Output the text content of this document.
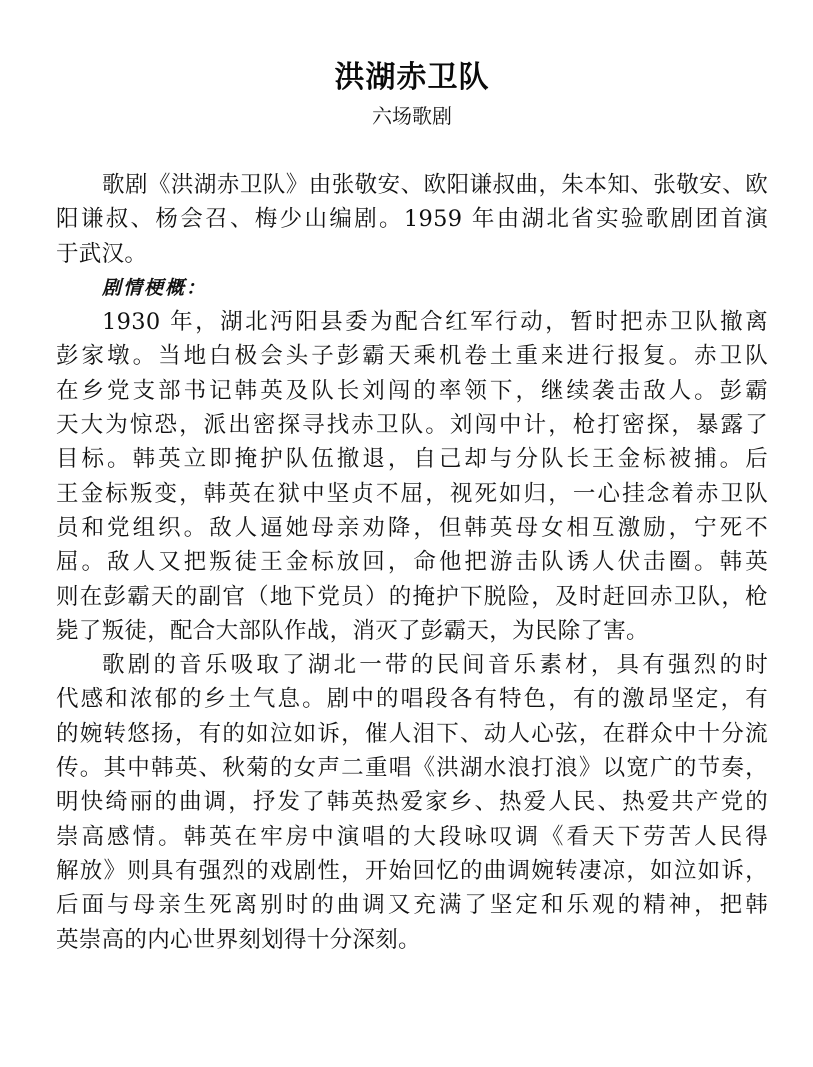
洪湖赤卫队
六场歌剧
歌剧《洪湖赤卫队》由张敬安、欧阳谦叔曲，朱本知、张敬安、欧
阳谦叔、杨会召、梅少山编剧。1959 年由湖北省实验歌剧团首演
于武汉。
剧情梗概：
1930 年，湖北沔阳县委为配合红军行动，暂时把赤卫队撤离
彭家墩。当地白极会头子彭霸天乘机卷土重来进行报复。赤卫队
在乡党支部书记韩英及队长刘闯的率领下，继续袭击敌人。彭霸
天大为惊恐，派出密探寻找赤卫队。刘闯中计，枪打密探，暴露了
目标。韩英立即掩护队伍撤退，自己却与分队长王金标被捕。后
王金标叛变，韩英在狱中坚贞不屈，视死如归，一心挂念着赤卫队
员和党组织。敌人逼她母亲劝降，但韩英母女相互激励，宁死不
屈。敌人又把叛徒王金标放回，命他把游击队诱人伏击圈。韩英
则在彭霸天的副官（地下党员）的掩护下脱险，及时赶回赤卫队，枪
毙了叛徒，配合大部队作战，消灭了彭霸天，为民除了害。
歌剧的音乐吸取了湖北一带的民间音乐素材，具有强烈的时
代感和浓郁的乡土气息。剧中的唱段各有特色，有的激昂坚定，有
的婉转悠扬，有的如泣如诉，催人泪下、动人心弦，在群众中十分流
传。其中韩英、秋菊的女声二重唱《洪湖水浪打浪》以宽广的节奏，
明快绮丽的曲调，抒发了韩英热爱家乡、热爱人民、热爱共产党的
崇高感情。韩英在牢房中演唱的大段咏叹调《看天下劳苦人民得
解放》则具有强烈的戏剧性，开始回忆的曲调婉转凄凉，如泣如诉，
后面与母亲生死离别时的曲调又充满了坚定和乐观的精神，把韩
英崇高的内心世界刻划得十分深刻。
